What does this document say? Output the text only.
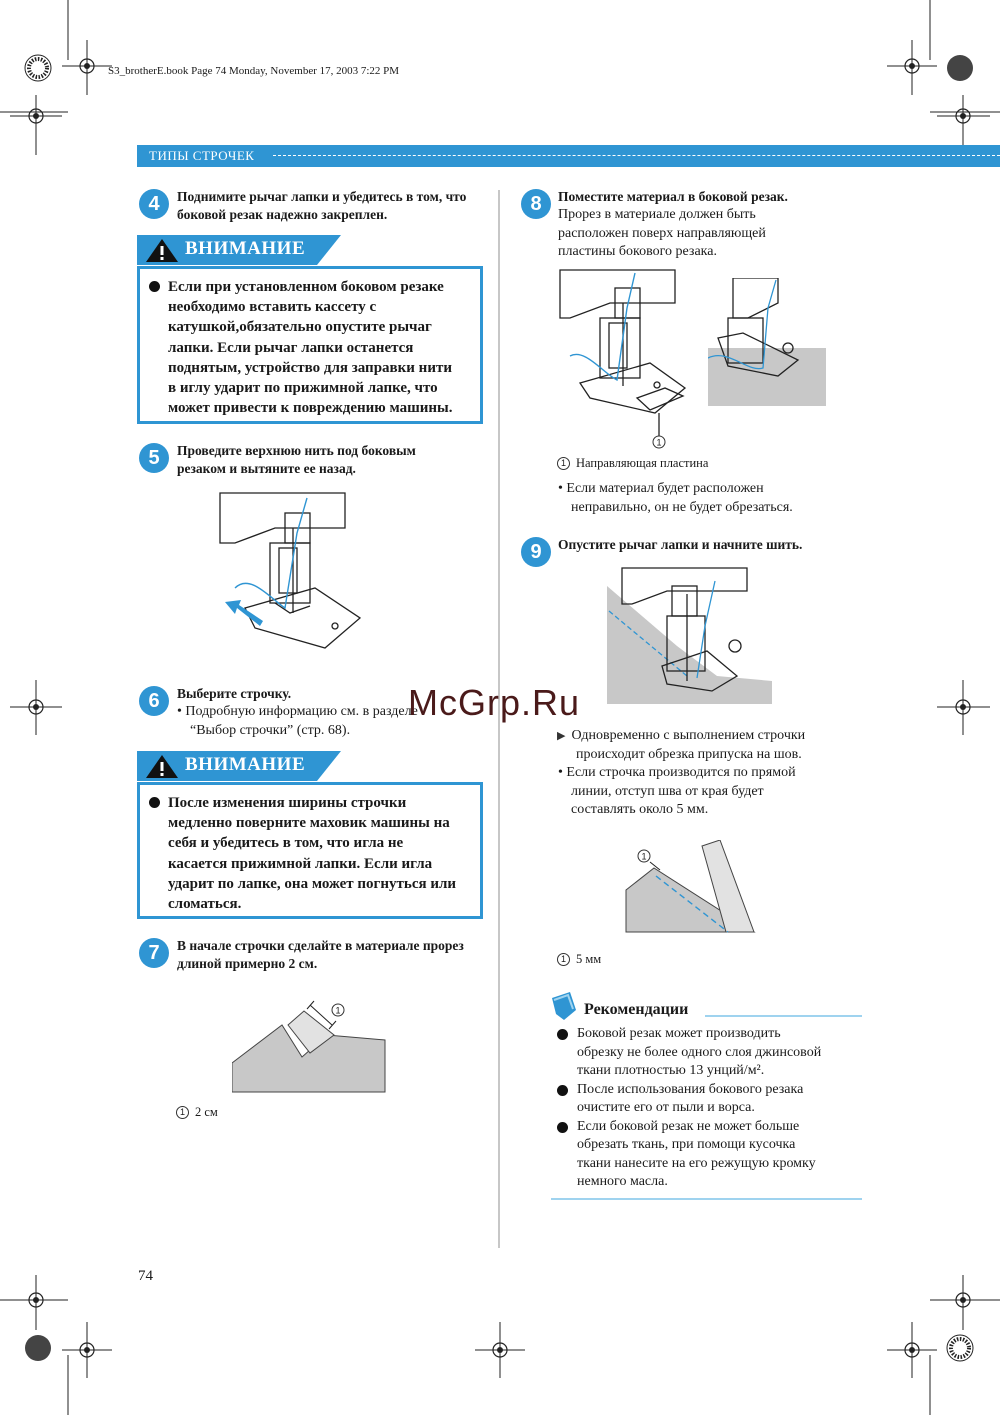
S3_brotherE.book Page 74 Monday, November 17, 2003 7:22 PM
ТИПЫ СТРОЧЕК
4	Поднимите рычаг лапки и убедитесь в том, что
боковой резак надежно закреплен.
ВНИМАНИЕ
Если при установленном боковом резаке
необходимо вставить кассету с
катушкой,обязательно опустите рычаг
лапки. Если рычаг лапки останется
поднятым, устройство для заправки нити
в иглу ударит по прижимной лапке, что
может привести к повреждению машины.
5	Проведите верхнюю нить под боковым
резаком и вытяните ее назад.
6	Выберите строчку.
• Подробную информацию см. в разделе
“Выбор строчки” (стр. 68).
ВНИМАНИЕ
После изменения ширины строчки
медленно поверните маховик машины на
себя и убедитесь в том, что игла не
касается прижимной лапки. Если игла
ударит по лапке, она может погнуться или
сломаться.
7	В начале строчки сделайте в материале прорез
длиной примерно 2 см.
1
1 2 см
8	Поместите материал в боковой резак.
Прорез в материале должен быть
расположен поверх направляющей
пластины бокового резака.
1
1 Направляющая пластина
• Если материал будет расположен
неправильно, он не будет обрезаться.
9	Опустите рычаг лапки и начните шить.
▶ Одновременно с выполнением строчки
происходит обрезка припуска на шов.
• Если строчка производится по прямой
линии, отступ шва от края будет
составлять около 5 мм.
1
1 5 мм
Рекомендации
Боковой резак может производить
обрезку не более одного слоя джинсовой
ткани плотностью 13 унций/м².
После использования бокового резака
очистите его от пыли и ворса.
Если боковой резак не может больше
обрезать ткань, при помощи кусочка
ткани нанесите на его режущую кромку
немного масла.
McGrp.Ru
74
